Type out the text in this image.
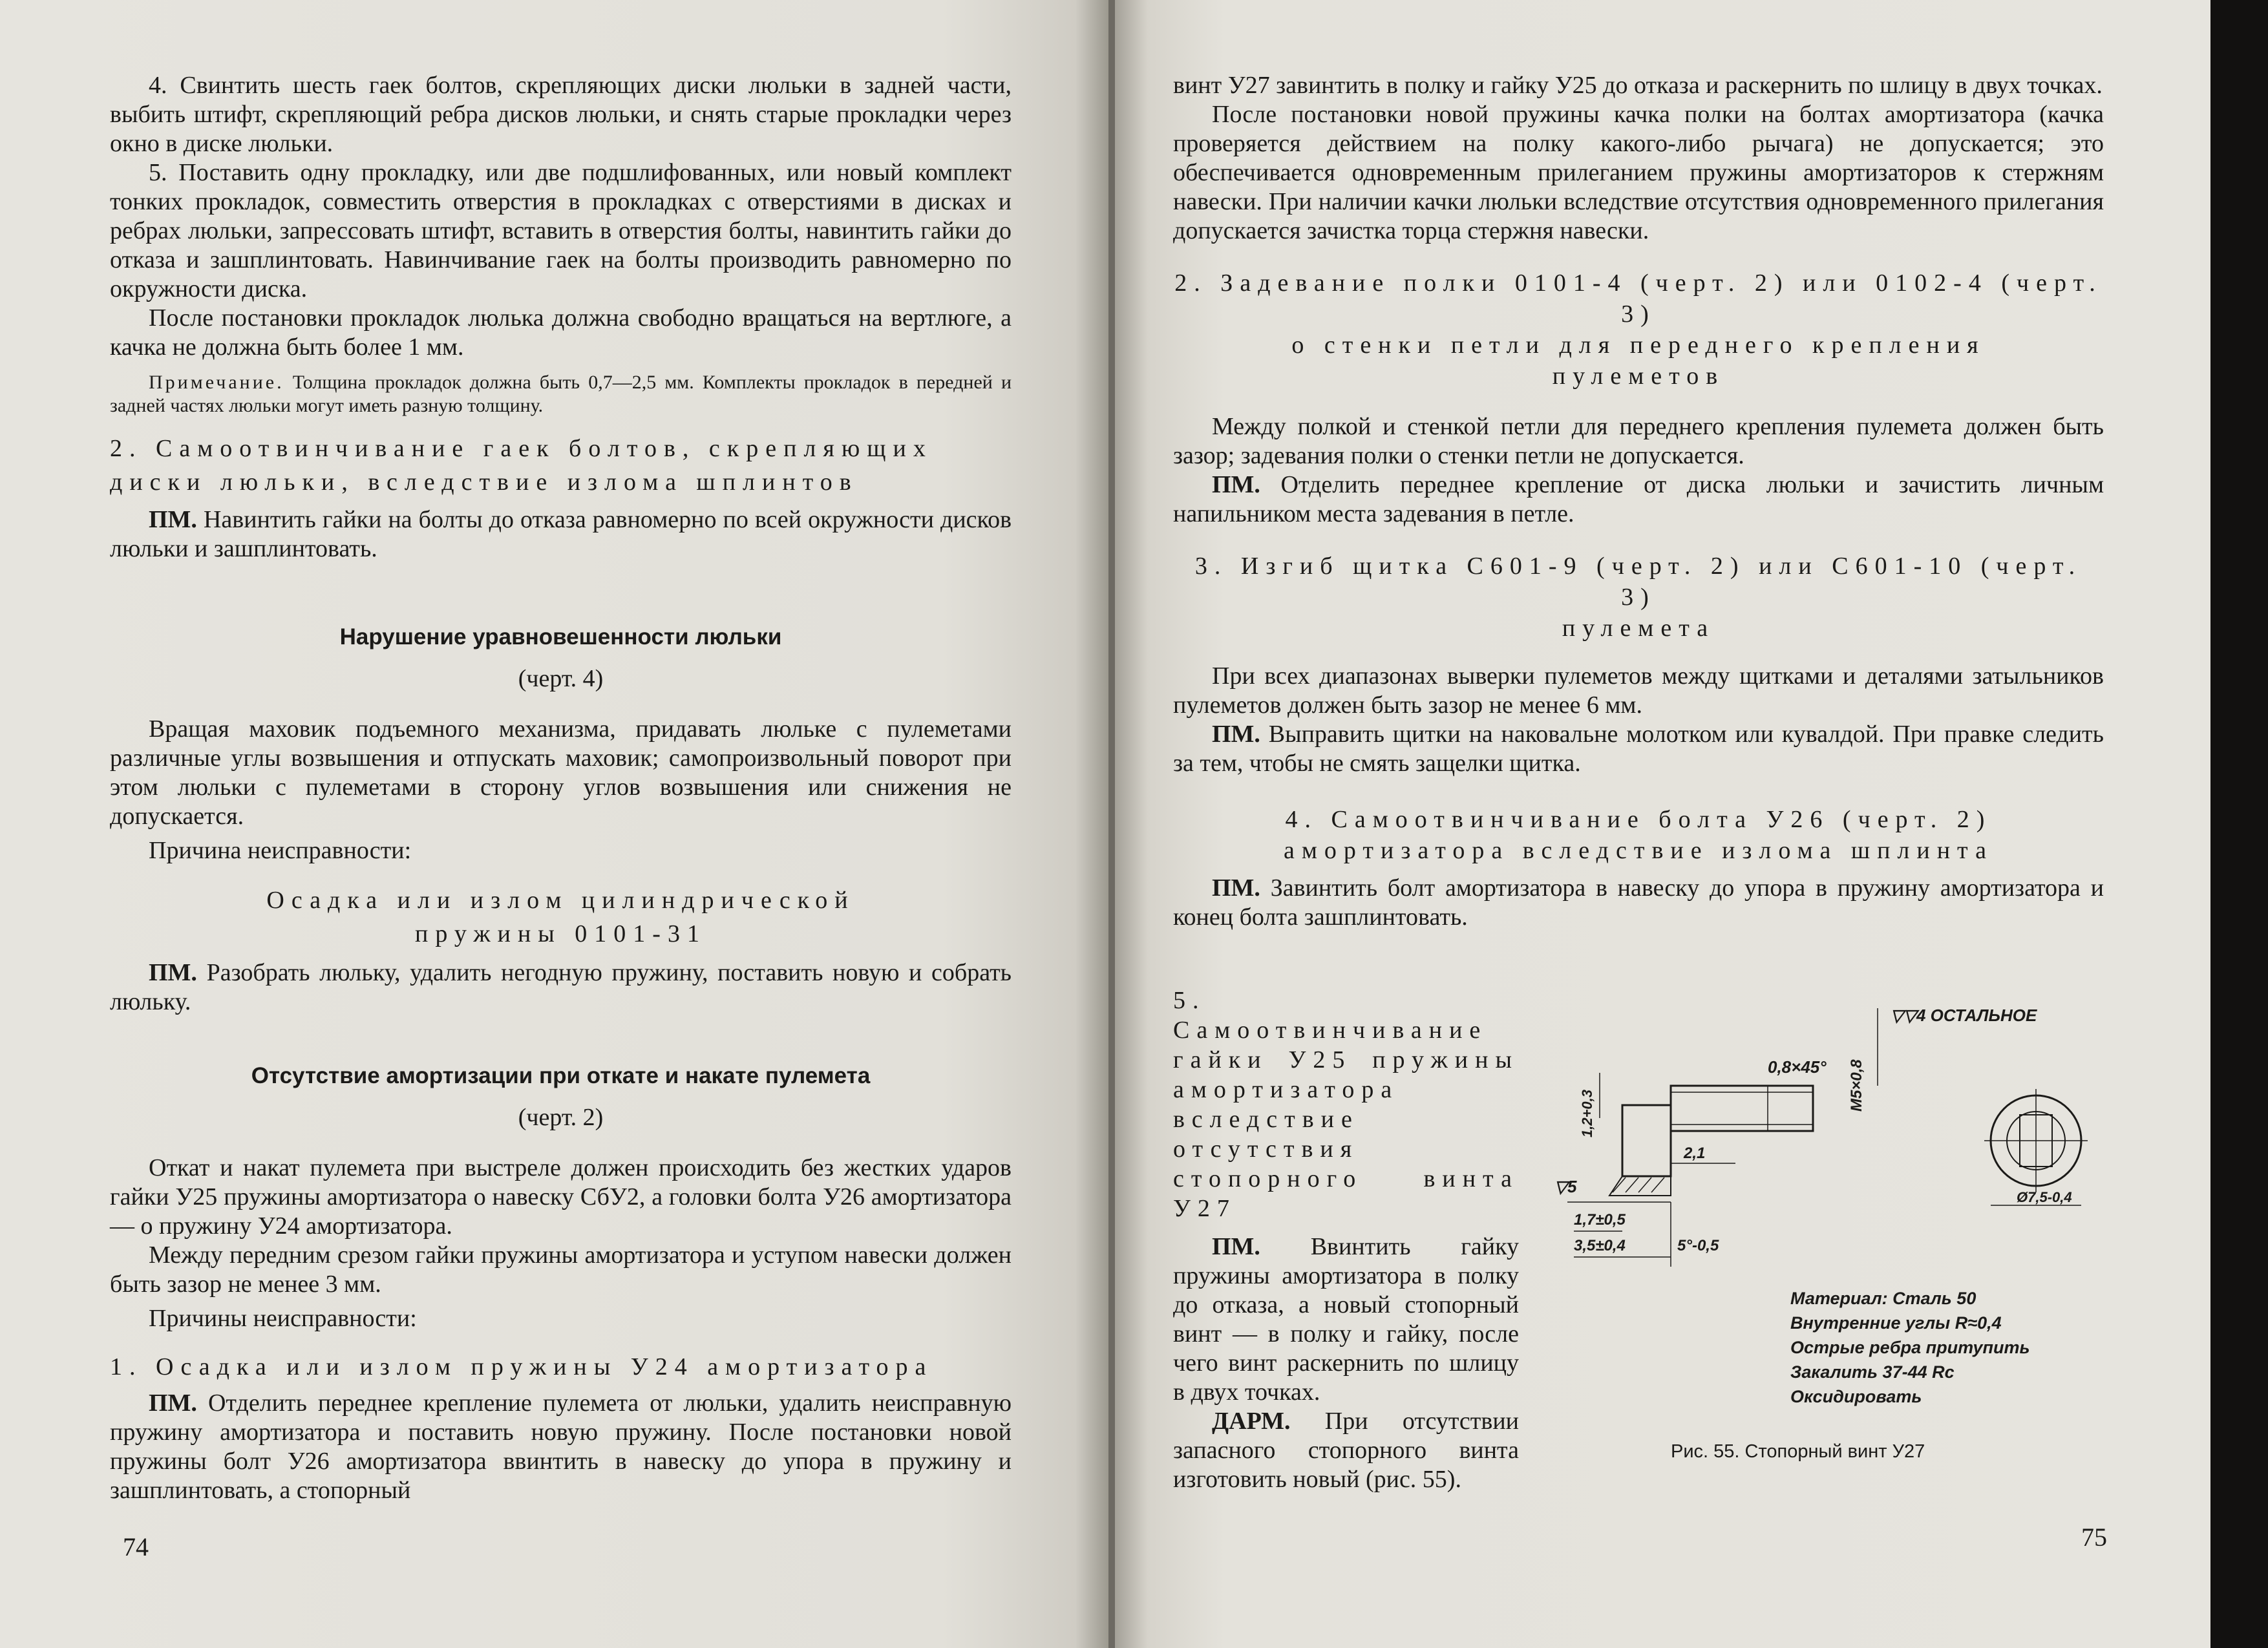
4. Свинтить шесть гаек болтов, скрепляющих диски люльки в задней части, выбить штифт, скрепляющий ребра дисков люльки, и снять старые прокладки через окно в диске люльки.

5. Поставить одну прокладку, или две подшлифованных, или новый комплект тонких прокладок, совместить отверстия в прокладках с отверстиями в дисках и ребрах люльки, запрессовать штифт, вставить в отверстия болты, навинтить гайки до отказа и зашплинтовать. Навинчивание гаек на болты производить равномерно по окружности диска.

После постановки прокладок люлька должна свободно вращаться на вертлюге, а качка не должна быть более 1 мм.

Примечание. Толщина прокладок должна быть 0,7—2,5 мм. Комплекты прокладок в передней и задней частях люльки могут иметь разную толщину.

2. Самоотвинчивание гаек болтов, скрепляющих диски люльки, вследствие излома шплинтов

ПМ. Навинтить гайки на болты до отказа равномерно по всей окружности дисков люльки и зашплинтовать.

Нарушение уравновешенности люльки

(черт. 4)

Вращая маховик подъемного механизма, придавать люльке с пулеметами различные углы возвышения и отпускать маховик; самопроизвольный поворот при этом люльки с пулеметами в сторону углов возвышения или снижения не допускается.

Причина неисправности:

Осадка или излом цилиндрической пружины 0101-31

ПМ. Разобрать люльку, удалить негодную пружину, поставить новую и собрать люльку.

Отсутствие амортизации при откате и накате пулемета

(черт. 2)

Откат и накат пулемета при выстреле должен происходить без жестких ударов гайки У25 пружины амортизатора о навеску СбУ2, а головки болта У26 амортизатора — о пружину У24 амортизатора.

Между передним срезом гайки пружины амортизатора и уступом навески должен быть зазор не менее 3 мм.

Причины неисправности:

1. Осадка или излом пружины У24 амортизатора

ПМ. Отделить переднее крепление пулемета от люльки, удалить неисправную пружину амортизатора и поставить новую пружину. После постановки новой пружины болт У26 амортизатора ввинтить в навеску до упора в пружину и зашплинтовать, а стопорный

74

винт У27 завинтить в полку и гайку У25 до отказа и раскернить по шлицу в двух точках.

После постановки новой пружины качка полки на болтах амортизатора (качка проверяется действием на полку какого-либо рычага) не допускается; это обеспечивается одновременным прилеганием пружины амортизаторов к стержням навески. При наличии качки люльки вследствие отсутствия одновременного прилегания допускается зачистка торца стержня навески.

2. Задевание полки 0101-4 (черт. 2) или 0102-4 (черт. 3)

о стенки петли для переднего крепления

пулеметов

Между полкой и стенкой петли для переднего крепления пулемета должен быть зазор; задевания полки о стенки петли не допускается.

ПМ. Отделить переднее крепление от диска люльки и зачистить личным напильником места задевания в петле.

3. Изгиб щитка С601-9 (черт. 2) или С601-10 (черт. 3)

пулемета

При всех диапазонах выверки пулеметов между щитками и деталями затыльников пулеметов должен быть зазор не менее 6 мм.

ПМ. Выправить щитки на наковальне молотком или кувалдой. При правке следить за тем, чтобы не смять защелки щитка.

4. Самоотвинчивание болта У26 (черт. 2)

амортизатора вследствие излома шплинта

ПМ. Завинтить болт амортизатора в навеску до упора в пружину амортизатора и конец болта зашплинтовать.

5. Самоотвинчивание гайки У25 пружины амортизатора вследствие отсутствия стопорного винта У27

ПМ. Ввинтить гайку пружины амортизатора в полку до отказа, а новый стопорный винт — в полку и гайку, после чего винт раскернить по шлицу в двух точках.

ДАРМ. При отсутствии запасного стопорного винта изготовить новый (рис. 55).

▽▽4 ОСТАЛЬНОЕ
0,8×45° M5×0,8
1,2+0,3
2,1
▽5
1,7±0,5
3,5±0,4	5°-0,5
Ø7,5-0,4
Материал: Сталь 50
Внутренние углы R≈0,4
Острые ребра притупить
Закалить 37-44 Rc
Оксидировать
Рис. 55. Стопорный винт У27
75
